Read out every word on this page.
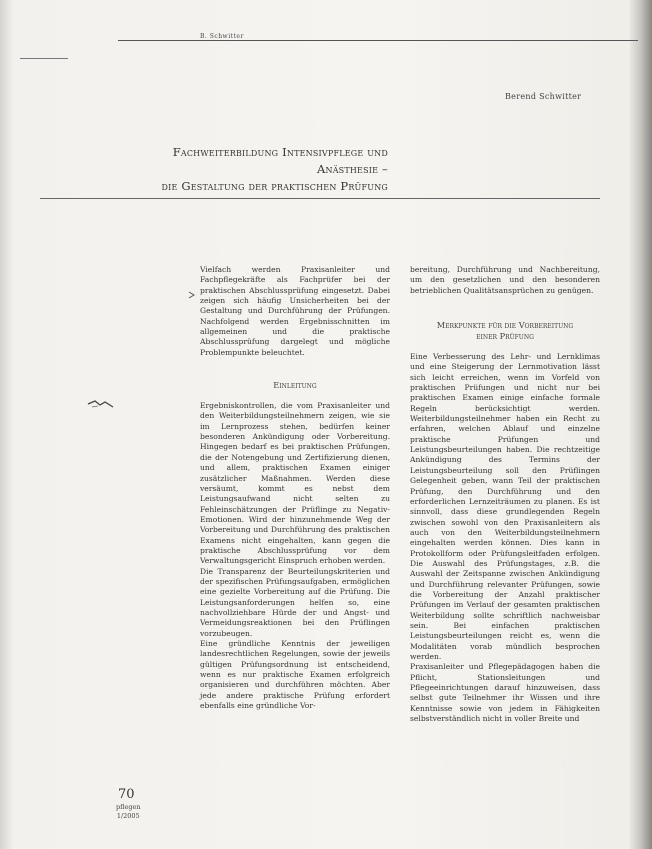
B. Schwitter
Berend Schwitter
Fachweiterbildung Intensivpflege und
Anästhesie –
die Gestaltung der praktischen Prüfung

Vielfach werden Praxisanleiter und Fachpflegekräfte als Fachprüfer bei der praktischen Abschlussprüfung eingesetzt. Dabei zeigen sich häufig Unsicherheiten bei der Gestaltung und Durchführung der Prüfungen. Nachfolgend werden Ergebnisschnitten im allgemeinen und die praktische Abschlussprüfung dargelegt und mögliche Problempunkte beleuchtet.

Einleitung

Ergebniskontrollen, die vom Praxisanleiter und den Weiterbildungsteilnehmern zeigen, wie sie im Lernprozess stehen, bedürfen keiner besonderen Ankündigung oder Vorbereitung. Hingegen bedarf es bei praktischen Prüfungen, die der Notengebung und Zertifizierung dienen, und allem, praktischen Examen einiger zusätzlicher Maßnahmen. Werden diese versäumt, kommt es nebst dem Leistungsaufwand nicht selten zu Fehleinschätzungen der Prüflinge zu Negativ-Emotionen. Wird der hinzunehmende Weg der Vorbereitung und Durchführung des praktischen Examens nicht eingehalten, kann gegen die praktische Abschlussprüfung vor dem Verwaltungsgericht Einspruch erhoben werden.

Die Transparenz der Beurteilungskriterien und der spezifischen Prüfungsaufgaben, ermöglichen eine gezielte Vorbereitung auf die Prüfung. Die Leistungsanforderungen helfen so, eine nachvollziehbare Hürde der und Angst- und Vermeidungsreaktionen bei den Prüflingen vorzubeugen.

Eine gründliche Kenntnis der jeweiligen landesrechtlichen Regelungen, sowie der jeweils gültigen Prüfungsordnung ist entscheidend, wenn es nur praktische Examen erfolgreich organisieren und durchführen möchten. Aber jede andere praktische Prüfung erfordert ebenfalls eine gründliche Vor-

bereitung, Durchführung und Nachbereitung, um den gesetzlichen und den besonderen betrieblichen Qualitätsansprüchen zu genügen.

Merkpunkte für die Vorbereitung
einer Prüfung

Eine Verbesserung des Lehr- und Lernklimas und eine Steigerung der Lernmotivation lässt sich leicht erreichen, wenn im Vorfeld von praktischen Prüfungen und nicht nur bei praktischen Examen einige einfache formale Regeln berücksichtigt werden. Weiterbildungsteilnehmer haben ein Recht zu erfahren, welchen Ablauf und einzelne praktische Prüfungen und Leistungsbeurteilungen haben. Die rechtzeitige Ankündigung des Termins der Leistungsbeurteilung soll den Prüflingen Gelegenheit geben, wann Teil der praktischen Prüfung, den Durchführung und den erforderlichen Lernzeiträumen zu planen. Es ist sinnvoll, dass diese grundlegenden Regeln zwischen sowohl von den Praxisanleitern als auch von den Weiterbildungsteilnehmern eingehalten werden können. Dies kann in Protokollform oder Prüfungsleitfaden erfolgen. Die Auswahl des Prüfungstages, z.B. die Auswahl der Zeitspanne zwischen Ankündigung und Durchführung relevanter Prüfungen, sowie die Vorbereitung der Anzahl praktischer Prüfungen im Verlauf der gesamten praktischen Weiterbildung sollte schriftlich nachweisbar sein. Bei einfachen praktischen Leistungsbeurteilungen reicht es, wenn die Modalitäten vorab mündlich besprochen werden.

Praxisanleiter und Pflegepädagogen haben die Pflicht, Stationsleitungen und Pflegeeinrichtungen darauf hinzuweisen, dass selbst gute Teilnehmer ihr Wissen und ihre Kenntnisse sowie von jedem in Fähigkeiten selbstverständlich nicht in voller Breite und

70
pflegen
1/2005
